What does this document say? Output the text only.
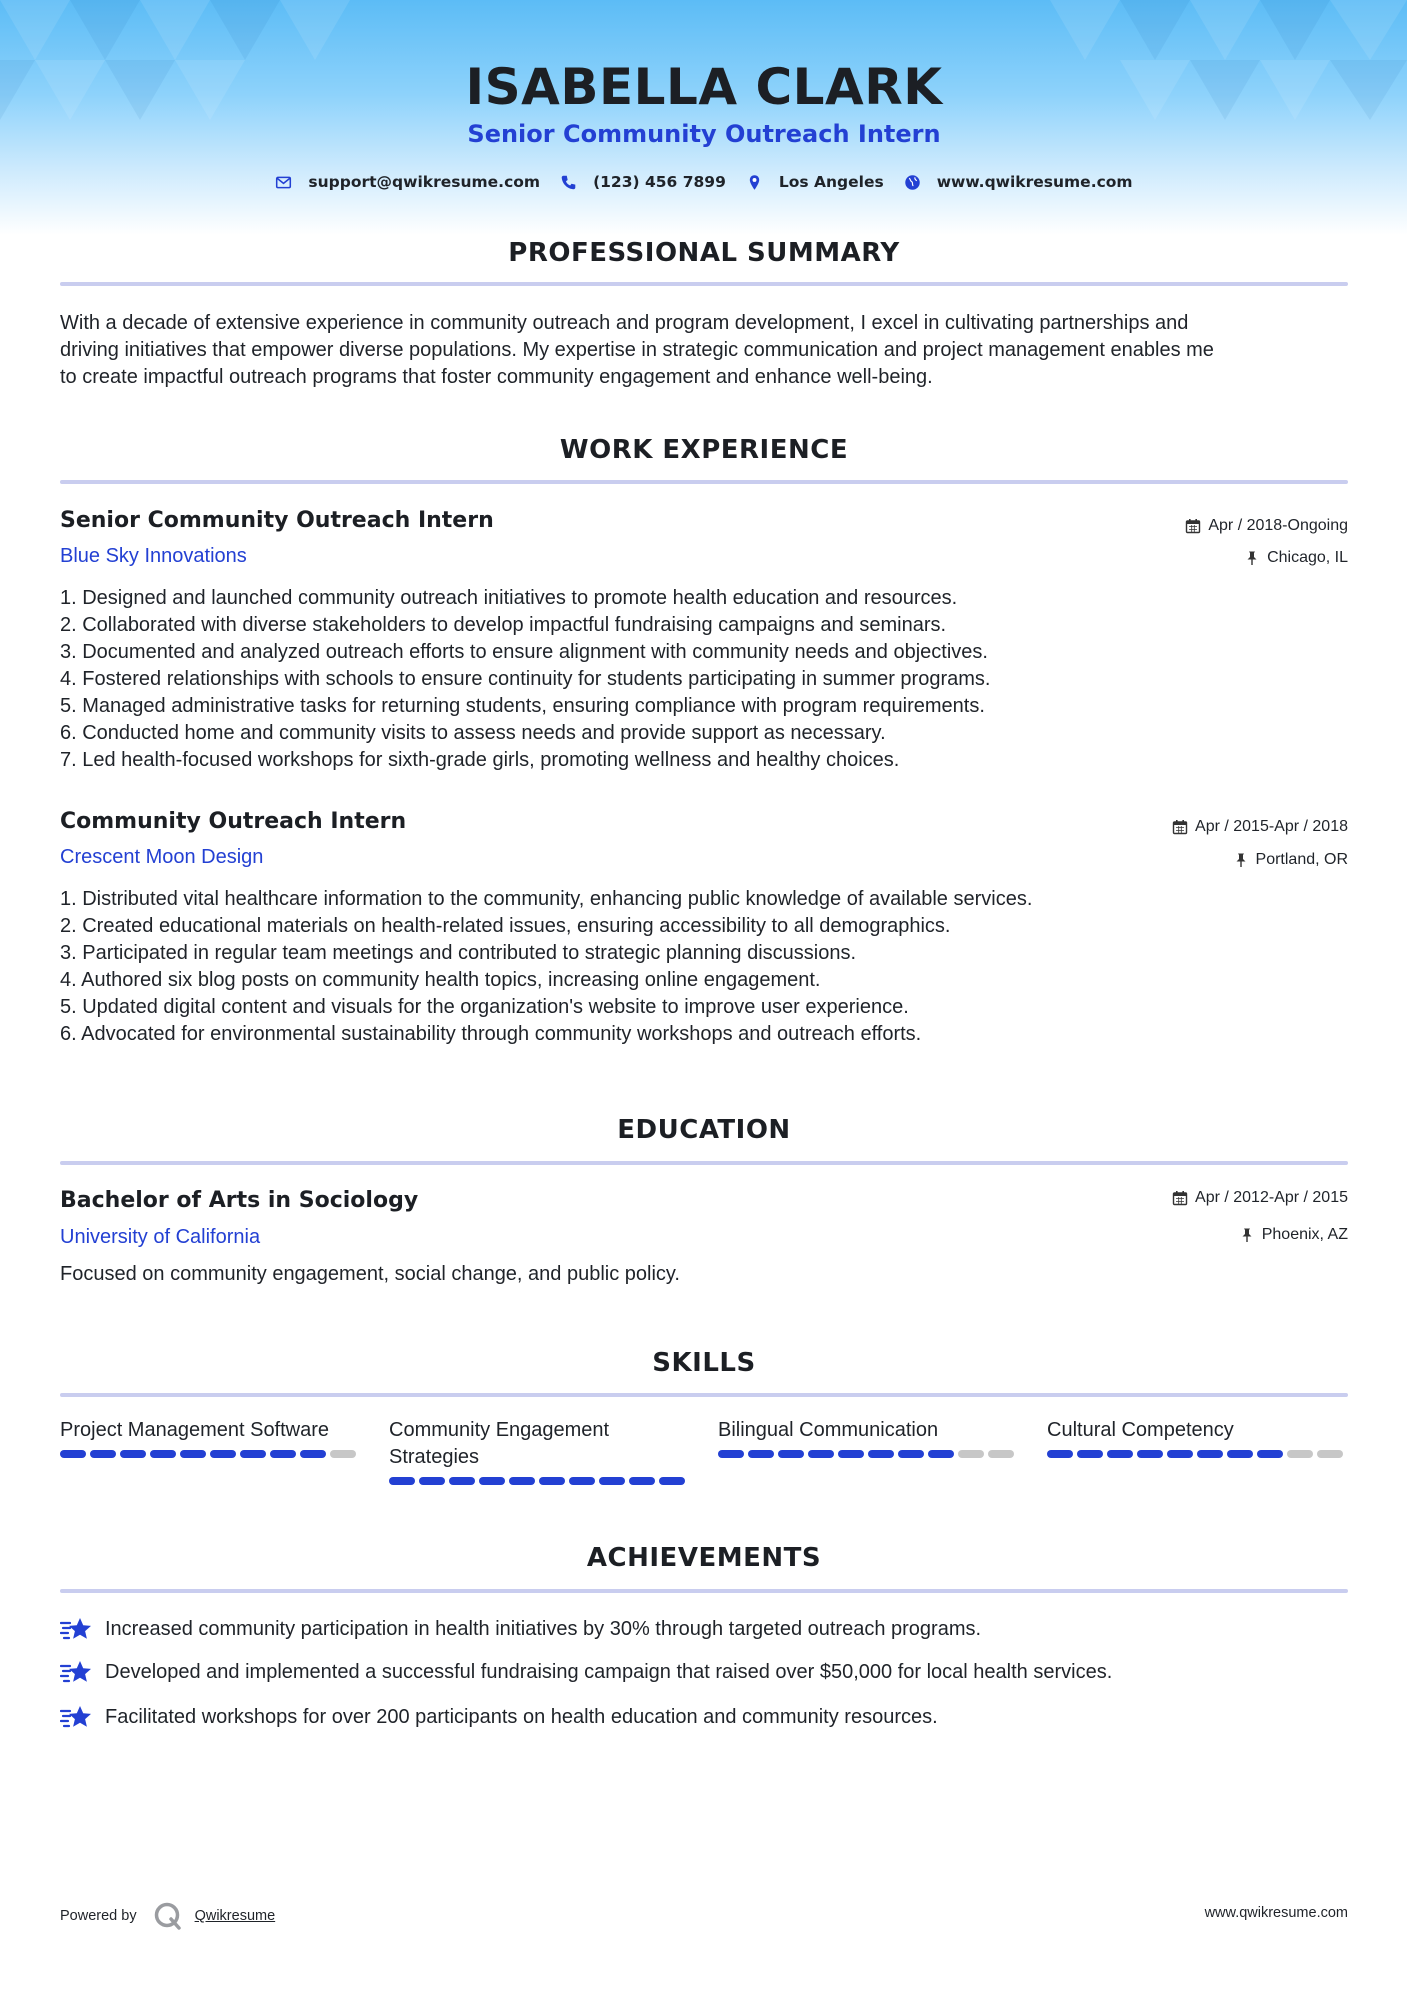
ISABELLA CLARK
Senior Community Outreach Intern
support@qwikresume.com	(123) 456 7899	Los Angeles	www.qwikresume.com
PROFESSIONAL SUMMARY
With a decade of extensive experience in community outreach and program development, I excel in cultivating partnerships and
driving initiatives that empower diverse populations. My expertise in strategic communication and project management enables me
to create impactful outreach programs that foster community engagement and enhance well-being.
WORK EXPERIENCE
Senior Community Outreach Intern
Blue Sky Innovations
Apr / 2018-Ongoing
Chicago, IL
1. Designed and launched community outreach initiatives to promote health education and resources.
2. Collaborated with diverse stakeholders to develop impactful fundraising campaigns and seminars.
3. Documented and analyzed outreach efforts to ensure alignment with community needs and objectives.
4. Fostered relationships with schools to ensure continuity for students participating in summer programs.
5. Managed administrative tasks for returning students, ensuring compliance with program requirements.
6. Conducted home and community visits to assess needs and provide support as necessary.
7. Led health-focused workshops for sixth-grade girls, promoting wellness and healthy choices.
Community Outreach Intern
Crescent Moon Design
Apr / 2015-Apr / 2018
Portland, OR
1. Distributed vital healthcare information to the community, enhancing public knowledge of available services.
2. Created educational materials on health-related issues, ensuring accessibility to all demographics.
3. Participated in regular team meetings and contributed to strategic planning discussions.
4. Authored six blog posts on community health topics, increasing online engagement.
5. Updated digital content and visuals for the organization's website to improve user experience.
6. Advocated for environmental sustainability through community workshops and outreach efforts.
EDUCATION
Bachelor of Arts in Sociology
University of California
Apr / 2012-Apr / 2015
Phoenix, AZ
Focused on community engagement, social change, and public policy.
SKILLS
Project Management Software	Community Engagement Strategies
Bilingual Communication	Cultural Competency
ACHIEVEMENTS
Increased community participation in health initiatives by 30% through targeted outreach programs.
Developed and implemented a successful fundraising campaign that raised over $50,000 for local health services.
Facilitated workshops for over 200 participants on health education and community resources.
Powered by	Qwikresume	www.qwikresume.com
